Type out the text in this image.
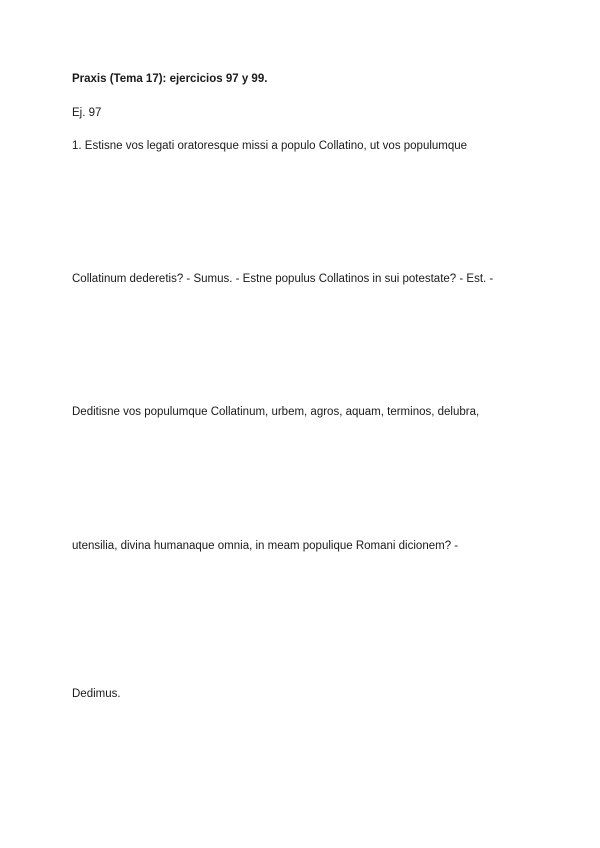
Praxis (Tema 17): ejercicios 97 y 99.
Ej. 97
1. Estisne vos legati oratoresque missi a populo Collatino, ut vos populumque
Collatinum dederetis? - Sumus. - Estne populus Collatinos in sui potestate? - Est. -
Deditisne vos populumque Collatinum, urbem, agros, aquam, terminos, delubra,
utensilia, divina humanaque omnia, in meam populique Romani dicionem? -
Dedimus.
